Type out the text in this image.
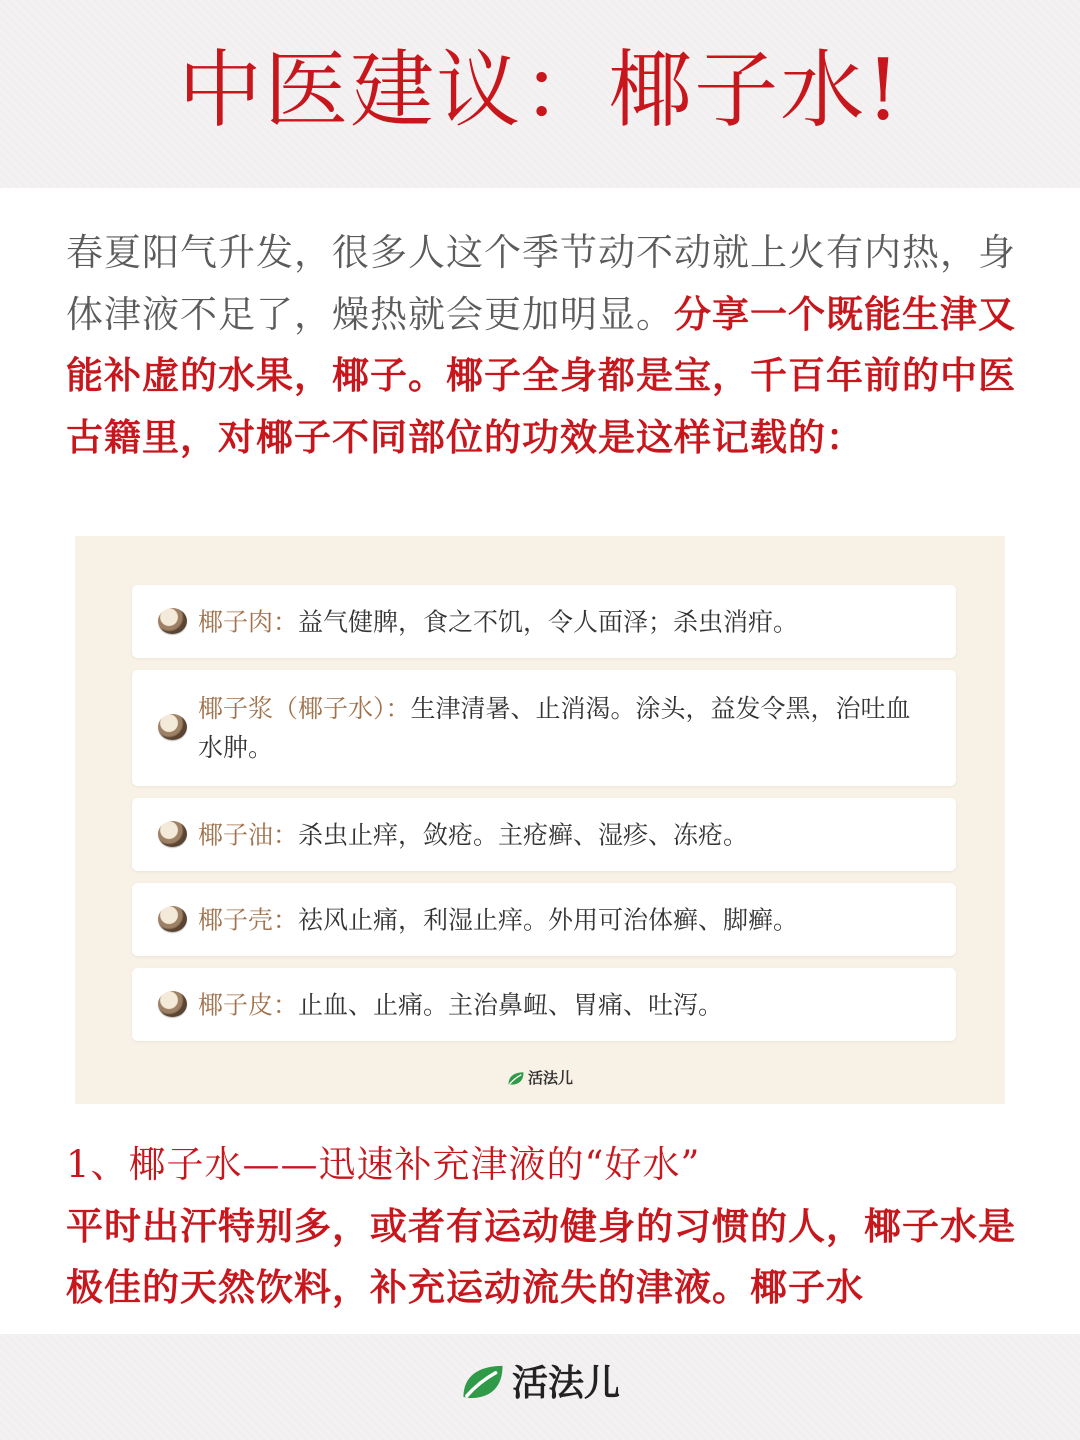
中医建议：椰子水!
春夏阳气升发，很多人这个季节动不动就上火有内热，身体津液不足了，燥热就会更加明显。分享一个既能生津又能补虚的水果，椰子。椰子全身都是宝，千百年前的中医古籍里，对椰子不同部位的功效是这样记载的：
椰子肉：益气健脾，食之不饥，令人面泽；杀虫消疳。
椰子浆（椰子水）：生津清暑、止消渴。涂头，益发令黑，治吐血水肿。
椰子油：杀虫止痒，敛疮。主疮癣、湿疹、冻疮。
椰子壳：祛风止痛，利湿止痒。外用可治体癣、脚癣。
椰子皮：止血、止痛。主治鼻衄、胃痛、吐泻。
活法儿
1、椰子水——迅速补充津液的“好水”
平时出汗特别多，或者有运动健身的习惯的人，椰子水是极佳的天然饮料，补充运动流失的津液。椰子水
活法儿
